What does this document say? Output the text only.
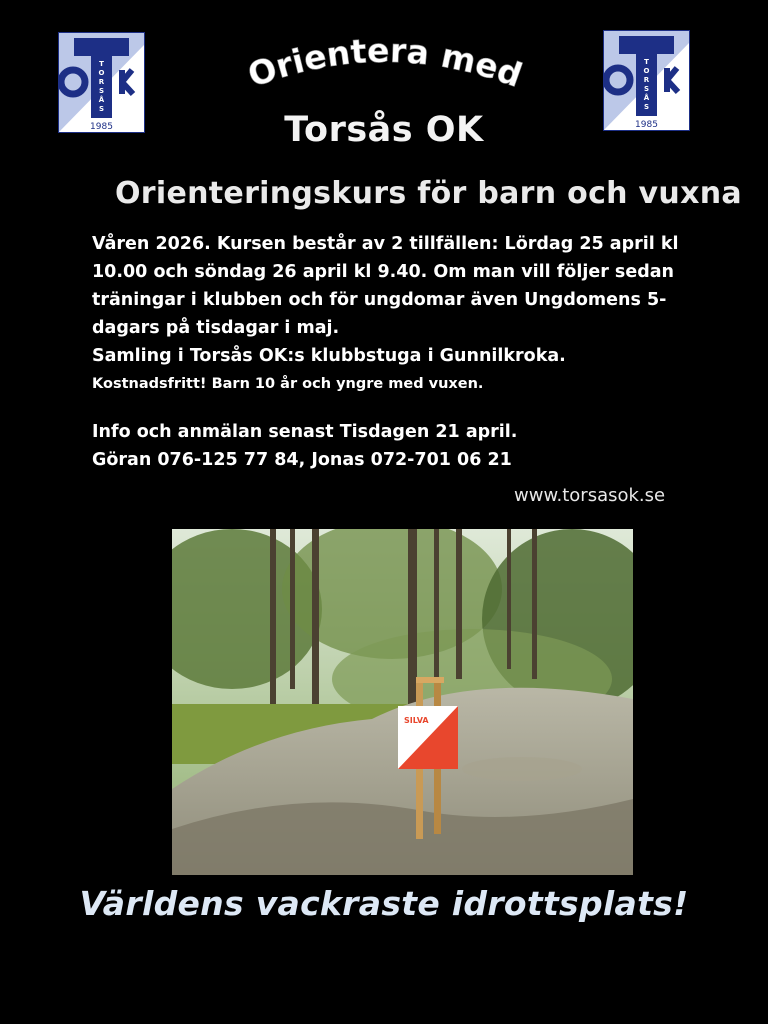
T
O
R
S
Å
S
1985
Orientera med	T
O
R
S
Å
S
1985
Torsås OK
Orienteringskurs för barn och vuxna
Våren 2026. Kursen består av 2 tillfällen: Lördag 25 april kl 10.00 och söndag 26 april kl 9.40. Om man vill följer sedan träningar i klubben och för ungdomar även Ungdomens 5-dagars på tisdagar i maj.
Samling i Torsås OK:s klubbstuga i Gunnilkroka.
Kostnadsfritt! Barn 10 år och yngre med vuxen.
Info och anmälan senast Tisdagen 21 april.
Göran 076-125 77 84, Jonas 072-701 06 21
www.torsasok.se
SILVA
Världens vackraste idrottsplats!
